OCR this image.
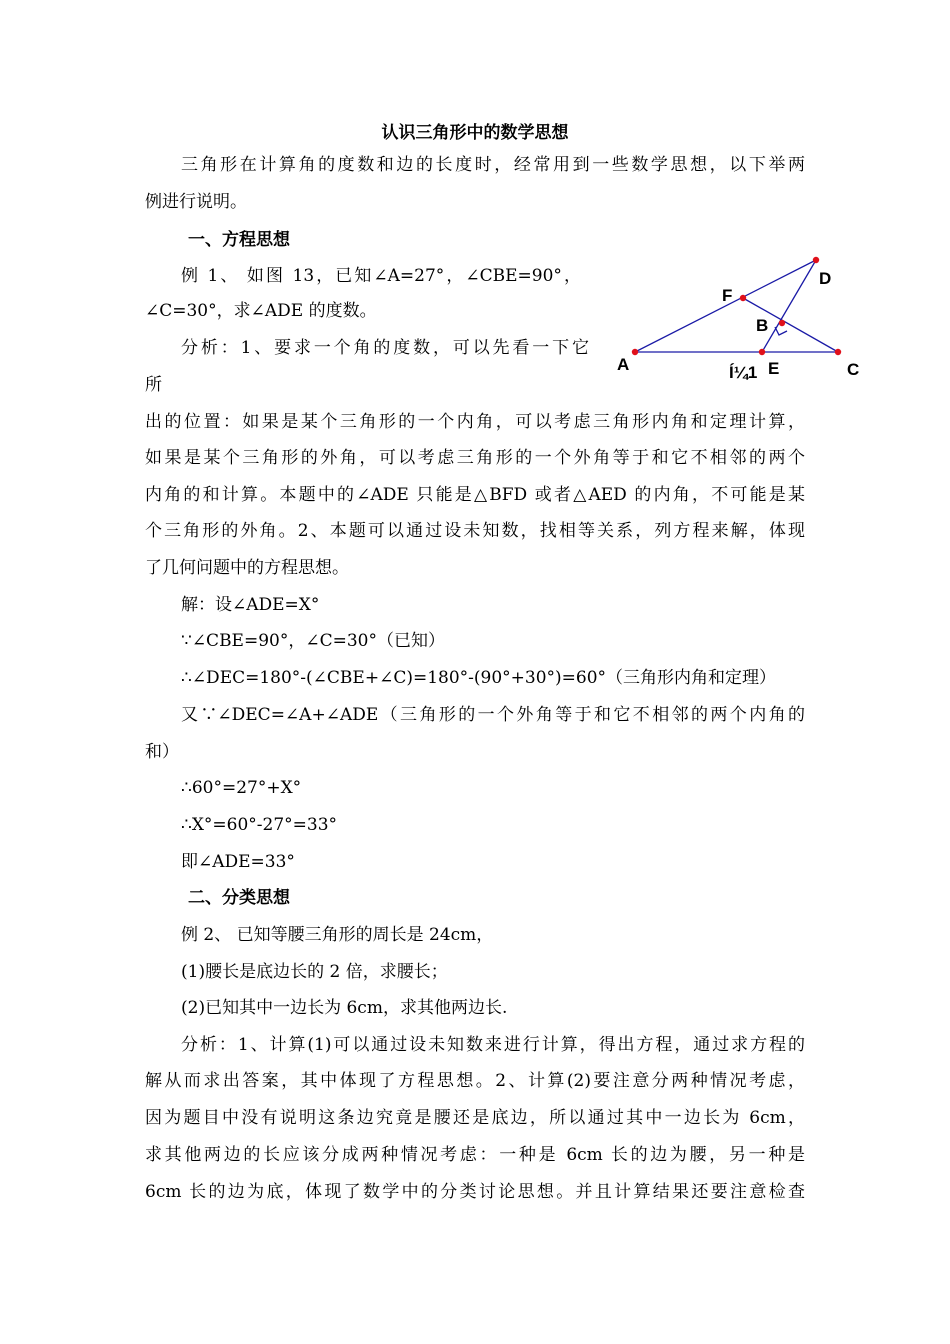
认识三角形中的数学思想
三角形在计算角的度数和边的长度时，经常用到一些数学思想，以下举两
例进行说明。
一、方程思想
例 1、 如图 13，已知∠A=27°，∠CBE=90°，
∠C=30°，求∠ADE 的度数。
分析：1、要求一个角的度数，可以先看一下它
所
出的位置：如果是某个三角形的一个内角，可以考虑三角形内角和定理计算，
如果是某个三角形的外角，可以考虑三角形的一个外角等于和它不相邻的两个
内角的和计算。本题中的∠ADE 只能是△BFD 或者△AED 的内角，不可能是某
个三角形的外角。2、本题可以通过设未知数，找相等关系，列方程来解，体现
了几何问题中的方程思想。
解：设∠ADE=X°
∵∠CBE=90°，∠C=30°（已知）
∴∠DEC=180°-(∠CBE+∠C)=180°-(90°+30°)=60°（三角形内角和定理）
又∵∠DEC=∠A+∠ADE（三角形的一个外角等于和它不相邻的两个内角的
和）
∴60°=27°+X°
∴X°=60°-27°=33°
即∠ADE=33°
二、分类思想
例 2、 已知等腰三角形的周长是 24cm，
(1)腰长是底边长的 2 倍，求腰长；
(2)已知其中一边长为 6cm，求其他两边长.
分析：1、计算(1)可以通过设未知数来进行计算，得出方程，通过求方程的
解从而求出答案，其中体现了方程思想。2、计算(2)要注意分两种情况考虑，
因为题目中没有说明这条边究竟是腰还是底边，所以通过其中一边长为 6cm，
求其他两边的长应该分成两种情况考虑：一种是 6cm 长的边为腰，另一种是
6cm 长的边为底，体现了数学中的分类讨论思想。并且计算结果还要注意检查
A
B
C
D
E
F
Í¼1
